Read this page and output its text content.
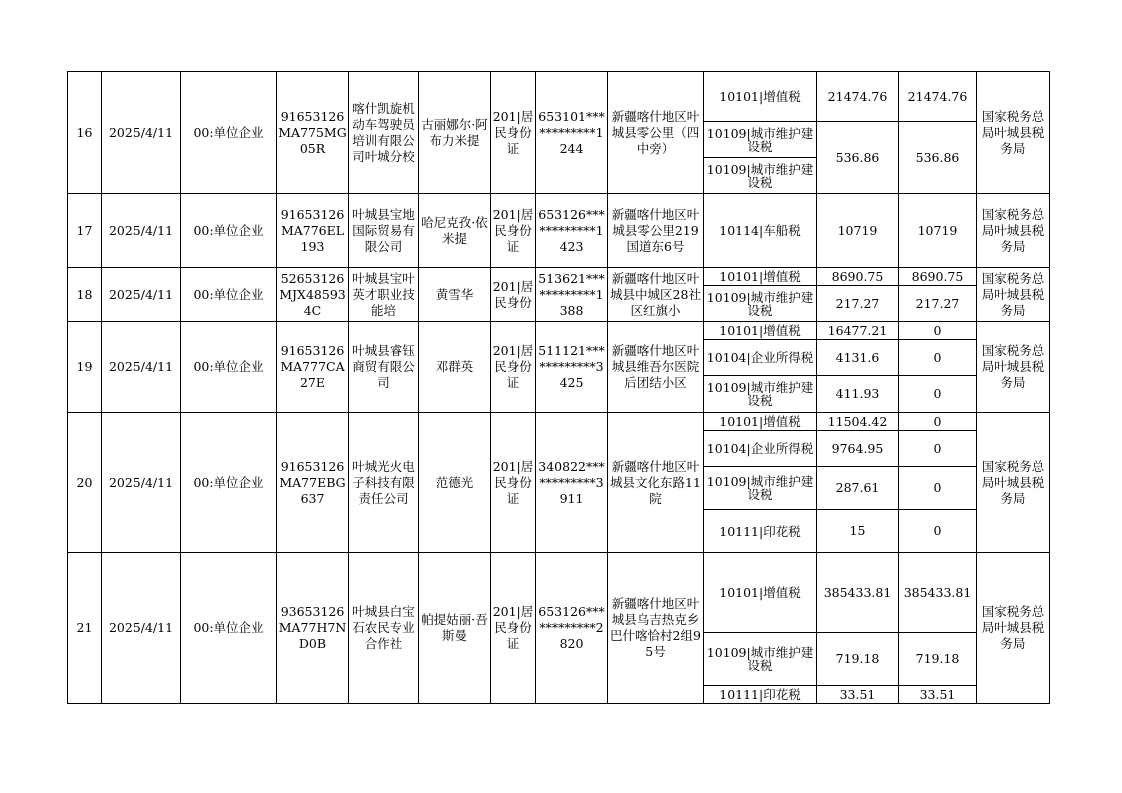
16	2025/4/11	00:单位企业	91653126MA775MG05R	喀什凯旋机动车驾驶员培训有限公司叶城分校	古丽娜尔·阿布力米提	201|居民身份证	653101************1244	新疆喀什地区叶城县零公里（四中旁）	10101|增值税	21474.76	21474.76	国家税务总局叶城县税务局
									10109|城市维护建设税	536.86	536.86	
									10109|城市维护建设税			
17	2025/4/11	00:单位企业	91653126MA776EL193	叶城县宝地国际贸易有限公司	哈尼克孜·依米提	201|居民身份证	653126************1423	新疆喀什地区叶城县零公里219国道东6号	10114|车船税	10719	10719	国家税务总局叶城县税务局
18	2025/4/11	00:单位企业	52653126MJX485934C	叶城县宝叶英才职业技能培	黄雪华	201|居民身份	513621************1388	新疆喀什地区叶城县中城区28社区红旗小	10101|增值税	8690.75	8690.75	国家税务总局叶城县税务局
									10109|城市维护建设税	217.27	217.27	
19	2025/4/11	00:单位企业	91653126MA777CA27E	叶城县睿钰商贸有限公司	邓群英	201|居民身份证	511121************3425	新疆喀什地区叶城县维吾尔医院后团结小区	10101|增值税	16477.21	0	国家税务总局叶城县税务局
									10104|企业所得税	4131.6	0	
									10109|城市维护建设税	411.93	0	
20	2025/4/11	00:单位企业	91653126MA77EBG637	叶城光火电子科技有限责任公司	范德光	201|居民身份证	340822************3911	新疆喀什地区叶城县文化东路11院	10101|增值税	11504.42	0	国家税务总局叶城县税务局
									10104|企业所得税	9764.95	0	
									10109|城市维护建设税	287.61	0	
									10111|印花税	15	0	
21	2025/4/11	00:单位企业	93653126MA77H7ND0B	叶城县白宝石农民专业合作社	帕提姑丽·吾斯曼	201|居民身份证	653126************2820	新疆喀什地区叶城县乌吉热克乡巴什喀恰村2组95号	10101|增值税	385433.81	385433.81	国家税务总局叶城县税务局
									10109|城市维护建设税	719.18	719.18	
									10111|印花税	33.51	33.51	
